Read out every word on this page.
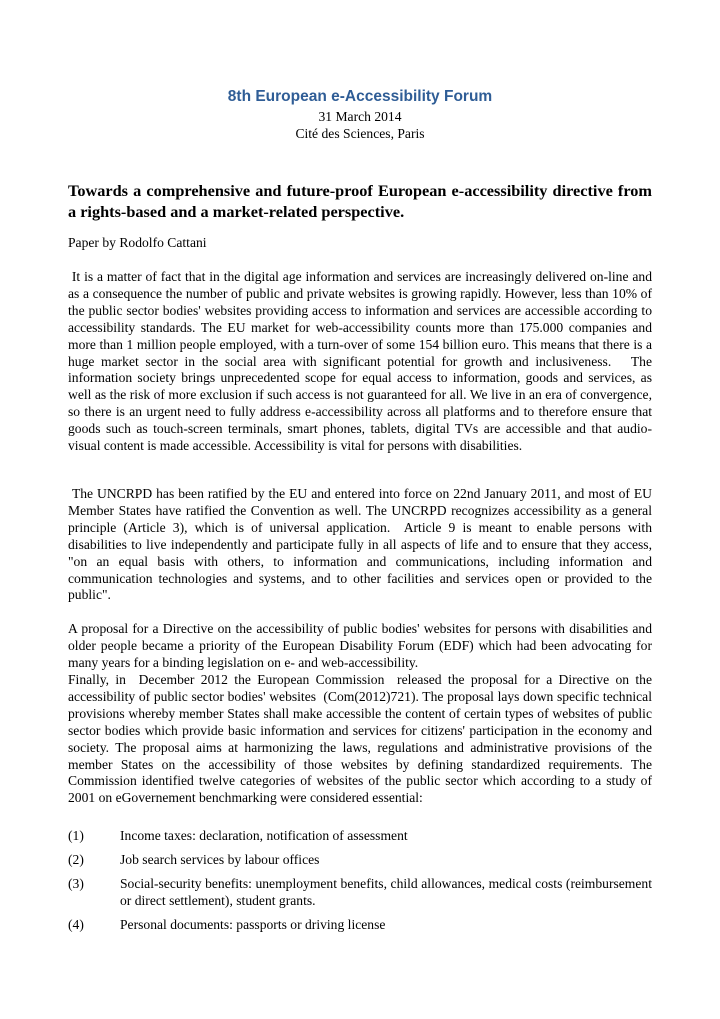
8th European e-Accessibility Forum

31 March 2014

Cité des Sciences, Paris

Towards a comprehensive and future-proof European e-accessibility directive from a rights-based and a market-related perspective.

Paper by Rodolfo Cattani

It is a matter of fact that in the digital age information and services are increasingly delivered on-line and as a consequence the number of public and private websites is growing rapidly. However, less than 10% of the public sector bodies' websites providing access to information and services are accessible according to accessibility standards. The EU market for web-accessibility counts more than 175.000 companies and more than 1 million people employed, with a turn-over of some 154 billion euro. This means that there is a huge market sector in the social area with significant potential for growth and inclusiveness.   The information society brings unprecedented scope for equal access to information, goods and services, as well as the risk of more exclusion if such access is not guaranteed for all. We live in an era of convergence, so there is an urgent need to fully address e-accessibility across all platforms and to therefore ensure that goods such as touch-screen terminals, smart phones, tablets, digital TVs are accessible and that audio-visual content is made accessible. Accessibility is vital for persons with disabilities.

The UNCRPD has been ratified by the EU and entered into force on 22nd January 2011, and most of EU Member States have ratified the Convention as well. The UNCRPD recognizes accessibility as a general principle (Article 3), which is of universal application.  Article 9 is meant to enable persons with disabilities to live independently and participate fully in all aspects of life and to ensure that they access, "on an equal basis with others, to information and communications, including information and communication technologies and systems, and to other facilities and services open or provided to the public".

A proposal for a Directive on the accessibility of public bodies' websites for persons with disabilities and older people became a priority of the European Disability Forum (EDF) which had been advocating for many years for a binding legislation on e- and web-accessibility.

Finally, in  December 2012 the European Commission  released the proposal for a Directive on the accessibility of public sector bodies' websites  (Com(2012)721). The proposal lays down specific technical provisions whereby member States shall make accessible the content of certain types of websites of public sector bodies which provide basic information and services for citizens' participation in the economy and society. The proposal aims at harmonizing the laws, regulations and administrative provisions of the member States on the accessibility of those websites by defining standardized requirements. The Commission identified twelve categories of websites of the public sector which according to a study of 2001 on eGovernement benchmarking were considered essential:

(1)	Income taxes: declaration, notification of assessment
(2)	Job search services by labour offices
(3)	Social-security benefits: unemployment benefits, child allowances, medical costs (reimbursement or direct settlement), student grants.
(4)	Personal documents: passports or driving license
